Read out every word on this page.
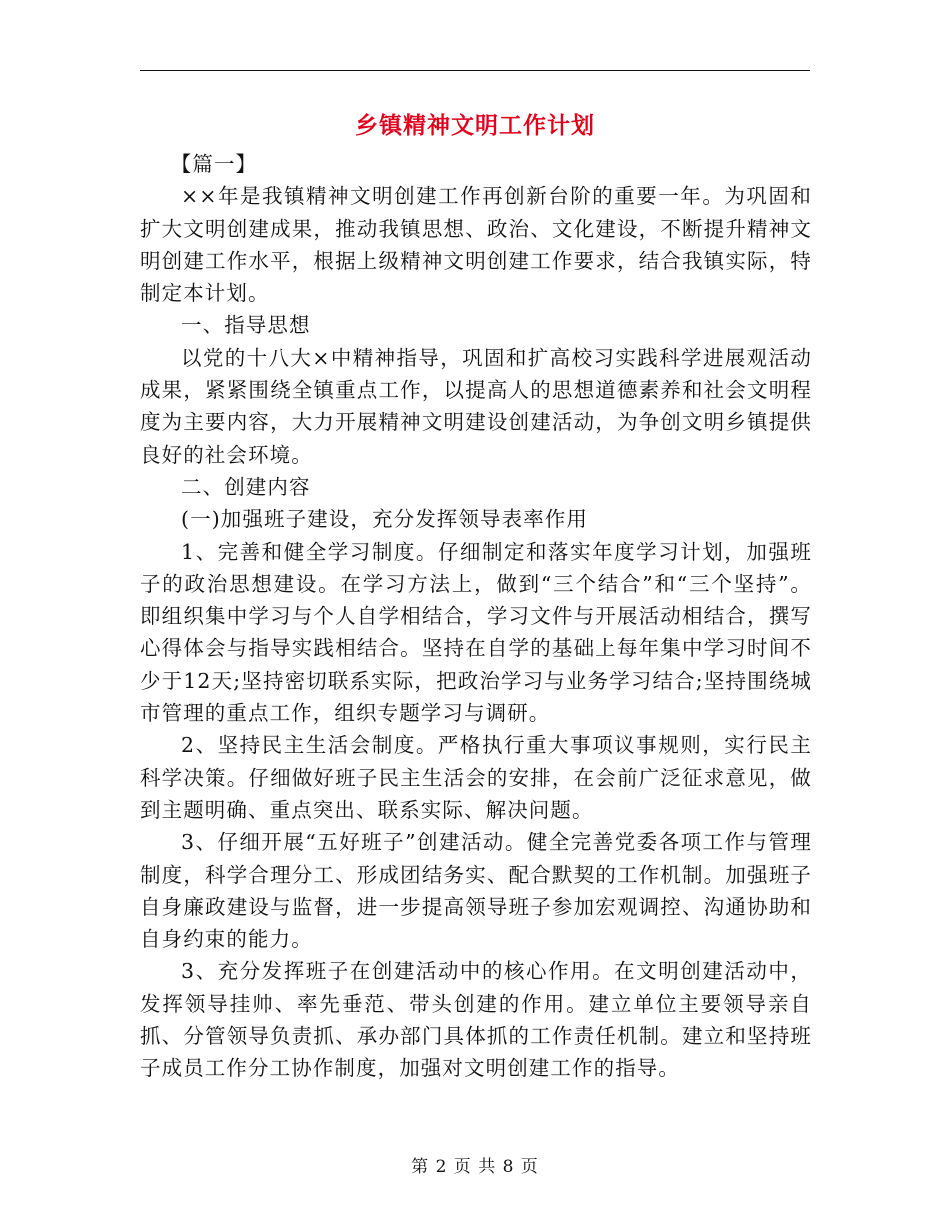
乡镇精神文明工作计划

【篇一】

××年是我镇精神文明创建工作再创新台阶的重要一年。为巩固和扩大文明创建成果，推动我镇思想、政治、文化建设，不断提升精神文明创建工作水平，根据上级精神文明创建工作要求，结合我镇实际，特制定本计划。

一、指导思想

以党的十八大×中精神指导，巩固和扩高校习实践科学进展观活动成果，紧紧围绕全镇重点工作，以提高人的思想道德素养和社会文明程度为主要内容，大力开展精神文明建设创建活动，为争创文明乡镇提供良好的社会环境。

二、创建内容

(一)加强班子建设，充分发挥领导表率作用

1、完善和健全学习制度。仔细制定和落实年度学习计划，加强班子的政治思想建设。在学习方法上，做到“三个结合”和“三个坚持”。即组织集中学习与个人自学相结合，学习文件与开展活动相结合，撰写心得体会与指导实践相结合。坚持在自学的基础上每年集中学习时间不少于12天;坚持密切联系实际，把政治学习与业务学习结合;坚持围绕城市管理的重点工作，组织专题学习与调研。

2、坚持民主生活会制度。严格执行重大事项议事规则，实行民主科学决策。仔细做好班子民主生活会的安排，在会前广泛征求意见，做到主题明确、重点突出、联系实际、解决问题。

3、仔细开展“五好班子”创建活动。健全完善党委各项工作与管理制度，科学合理分工、形成团结务实、配合默契的工作机制。加强班子自身廉政建设与监督，进一步提高领导班子参加宏观调控、沟通协助和自身约束的能力。

3、充分发挥班子在创建活动中的核心作用。在文明创建活动中，发挥领导挂帅、率先垂范、带头创建的作用。建立单位主要领导亲自抓、分管领导负责抓、承办部门具体抓的工作责任机制。建立和坚持班子成员工作分工协作制度，加强对文明创建工作的指导。

第 2 页 共 8 页
